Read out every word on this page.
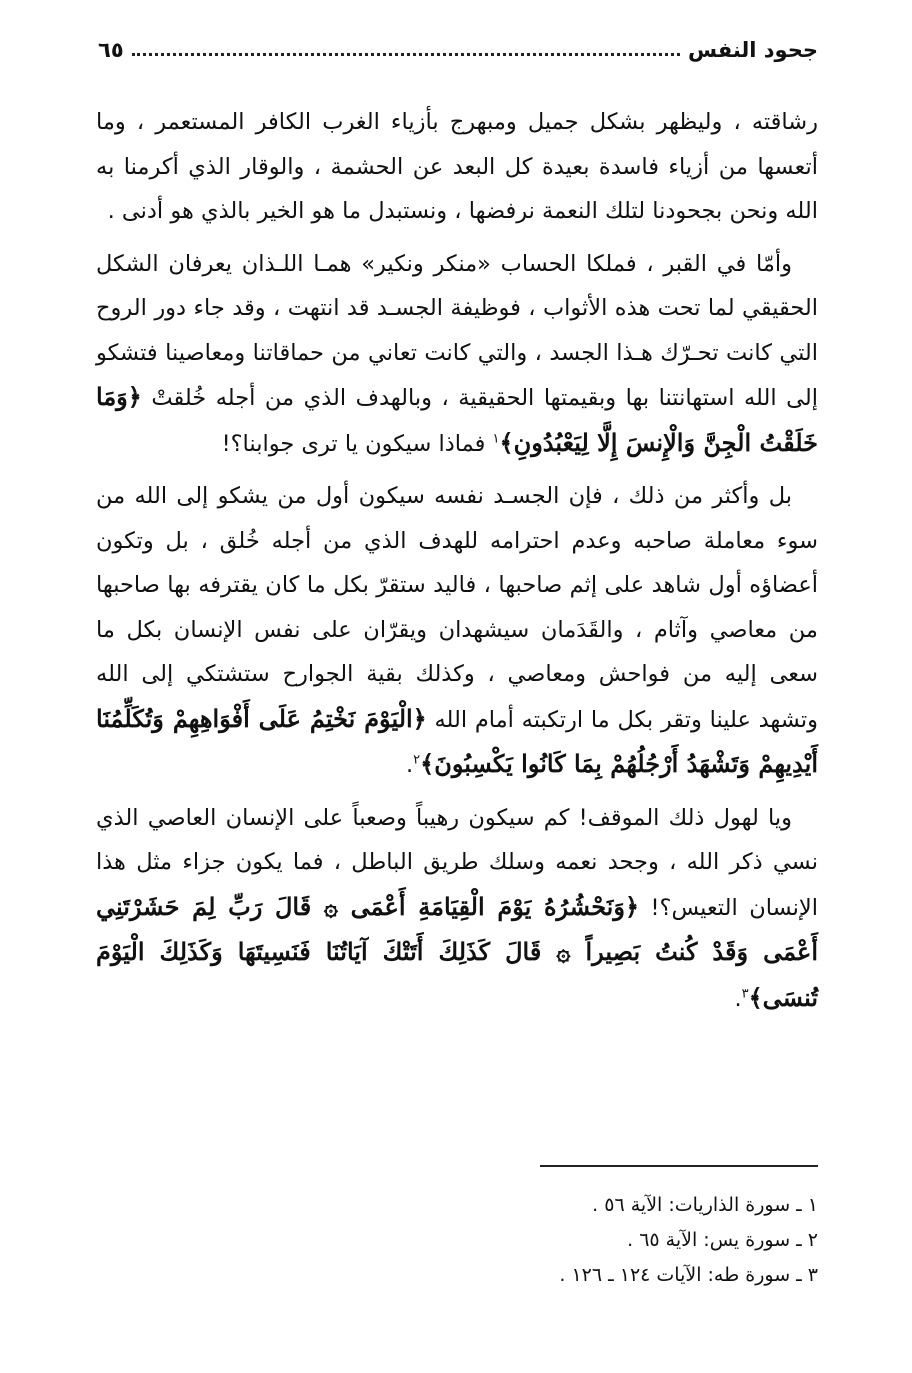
جحود النفس
٦٥

رشاقته ، وليظهر بشكل جميل ومبهرج بأزياء الغرب الكافر المستعمر ، وما أتعسها من أزياء فاسدة بعيدة كل البعد عن الحشمة ، والوقار الذي أكرمنا به الله ونحن بجحودنا لتلك النعمة نرفضها ، ونستبدل ما هو الخير بالذي هو أدنى .

وأمّا في القبر ، فملكا الحساب «منكر ونكير» همـا اللـذان يعرفان الشكل الحقيقي لما تحت هذه الأثواب ، فوظيفة الجسـد قد انتهت ، وقد جاء دور الروح التي كانت تحـرّك هـذا الجسد ، والتي كانت تعاني من حماقاتنا ومعاصينا فتشكو إلى الله استهانتنا بها وبقيمتها الحقيقية ، وبالهدف الذي من أجله خُلقتْ ﴿وَمَا خَلَقْتُ الْجِنَّ وَالْإِنسَ إِلَّا لِيَعْبُدُونِ﴾$^١$ فماذا سيكون يا ترى جوابنا؟!

بل وأكثر من ذلك ، فإن الجسـد نفسه سيكون أول من يشكو إلى الله من سوء معاملة صاحبه وعدم احترامه للهدف الذي من أجله خُلق ، بل وتكون أعضاؤه أول شاهد على إثم صاحبها ، فاليد ستقرّ بكل ما كان يقترفه بها صاحبها من معاصي وآثام ، والقَدَمان سيشهدان ويقرّان على نفس الإنسان بكل ما سعى إليه من فواحش ومعاصي ، وكذلك بقية الجوارح ستشتكي إلى الله وتشهد علينا وتقر بكل ما ارتكبته أمام الله ﴿الْيَوْمَ نَخْتِمُ عَلَى أَفْوَاهِهِمْ وَتُكَلِّمُنَا أَيْدِيهِمْ وَتَشْهَدُ أَرْجُلُهُمْ بِمَا كَانُوا يَكْسِبُونَ﴾$^٢$.

ويا لهول ذلك الموقف! كم سيكون رهيباً وصعباً على الإنسان العاصي الذي نسي ذكر الله ، وجحد نعمه وسلك طريق الباطل ، فما يكون جزاء مثل هذا الإنسان التعيس؟! ﴿وَنَحْشُرُهُ يَوْمَ الْقِيَامَةِ أَعْمَى ۞ قَالَ رَبِّ لِمَ حَشَرْتَنِي أَعْمَى وَقَدْ كُنتُ بَصِيراً ۞ قَالَ كَذَلِكَ أَتَتْكَ آيَاتُنَا فَنَسِيتَهَا وَكَذَلِكَ الْيَوْمَ تُنسَى﴾$^٣$.

١ ـ سورة الذاريات: الآية ٥٦ .

٢ ـ سورة يس: الآية ٦٥ .

٣ ـ سورة طه: الآيات ١٢٤ ـ ١٢٦ .
